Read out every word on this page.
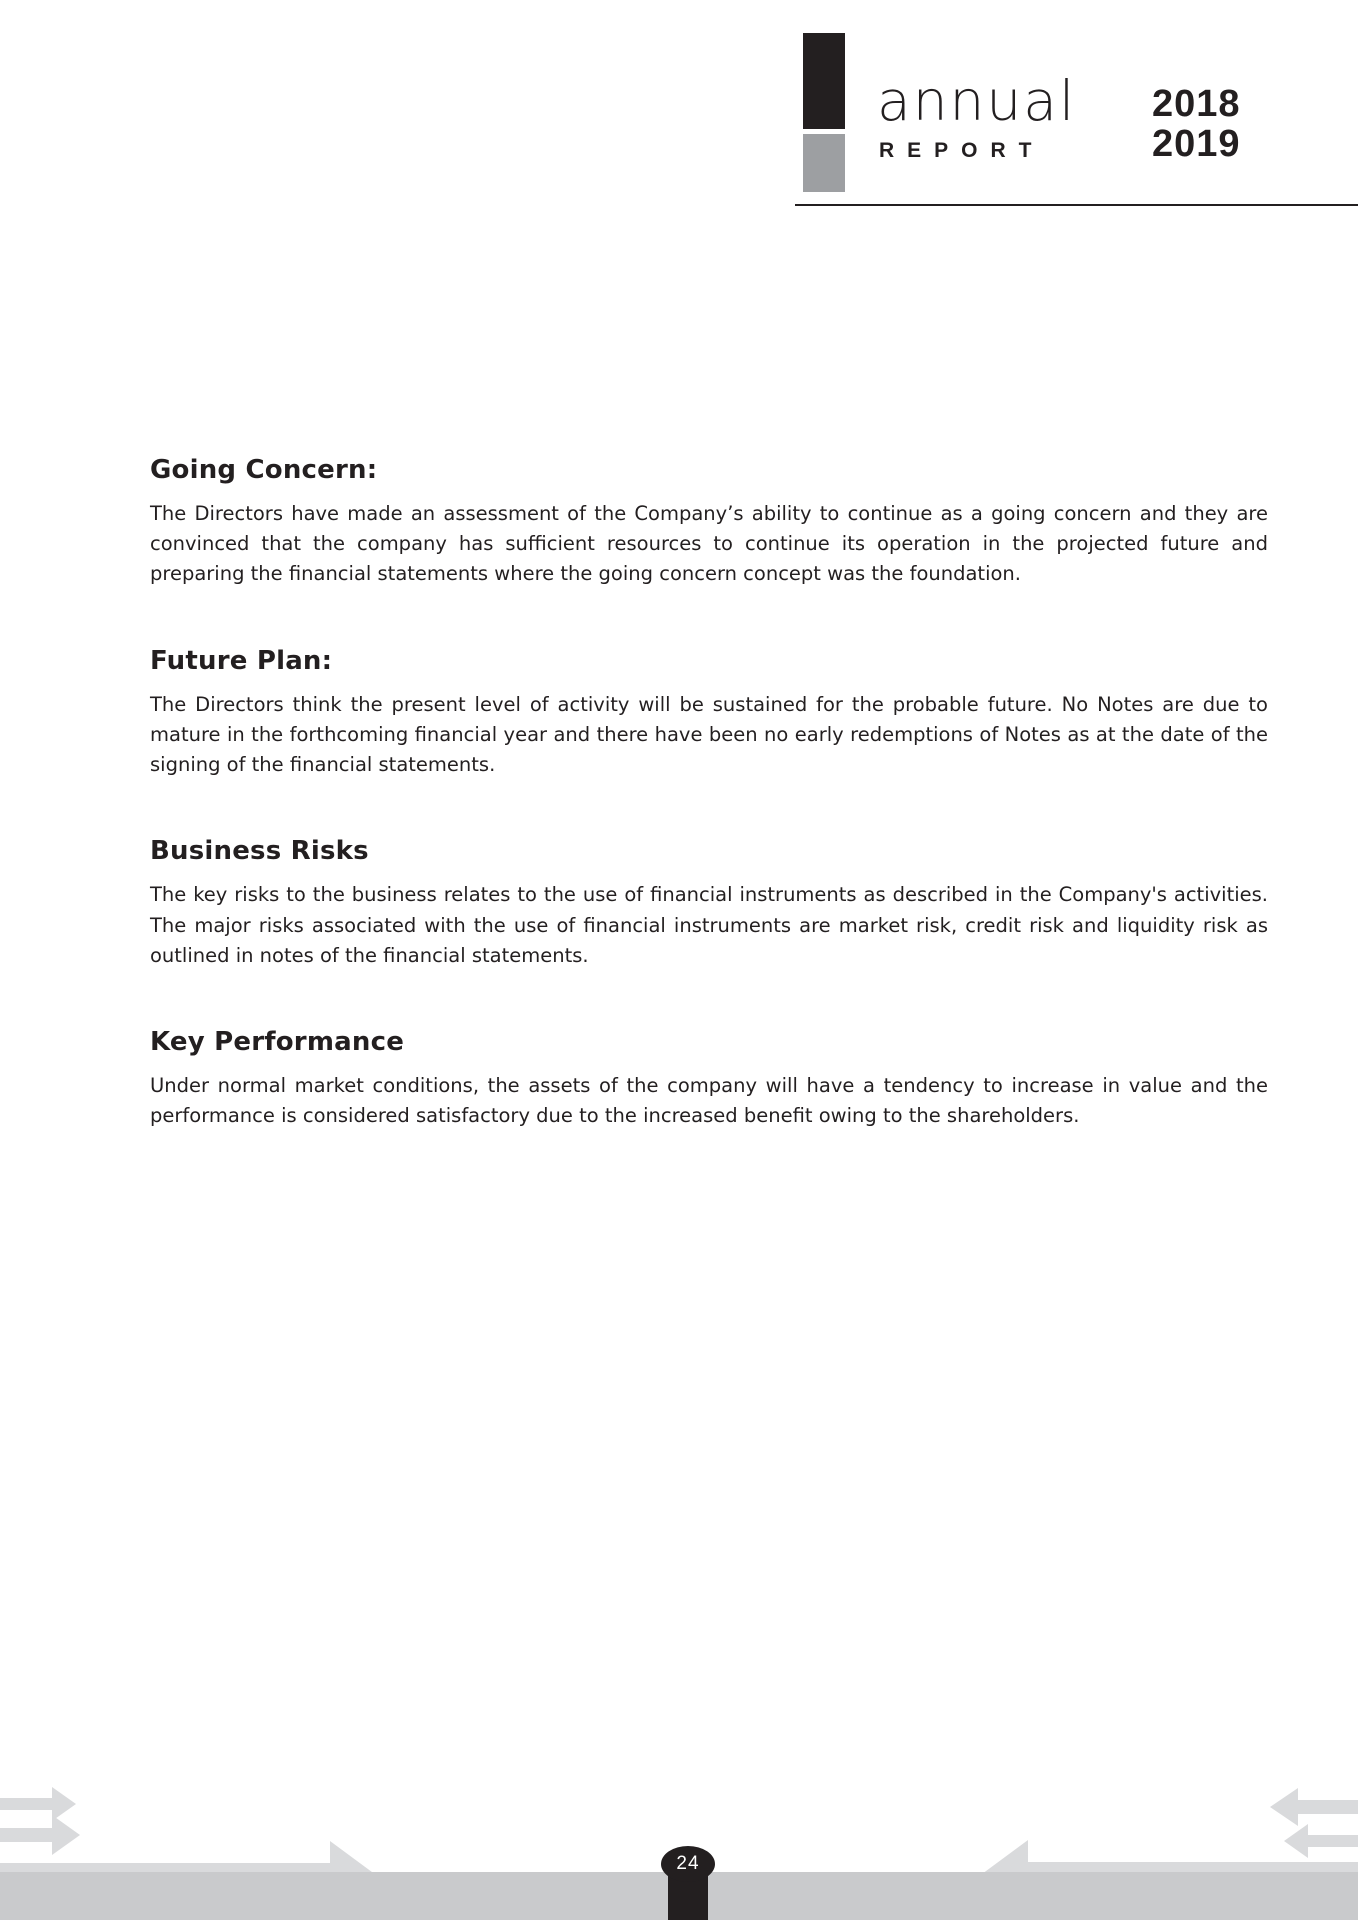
annual
REPORT
2018
2019
Going Concern:

The Directors have made an assessment of the Company’s ability to continue as a going concern and they are convinced that the company has sufficient resources to continue its operation in the projected future and preparing the financial statements where the going concern concept was the foundation.

Future Plan:

The Directors think the present level of activity will be sustained for the probable future. No Notes are due to mature in the forthcoming financial year and there have been no early redemptions of Notes as at the date of the signing of the financial statements.

Business Risks

The key risks to the business relates to the use of financial instruments as described in the Company's activities. The major risks associated with the use of financial instruments are market risk, credit risk and liquidity risk as outlined in notes of the financial statements.

Key Performance

Under normal market conditions, the assets of the company will have a tendency to increase in value and the performance is considered satisfactory due to the increased benefit owing to the shareholders.

24
